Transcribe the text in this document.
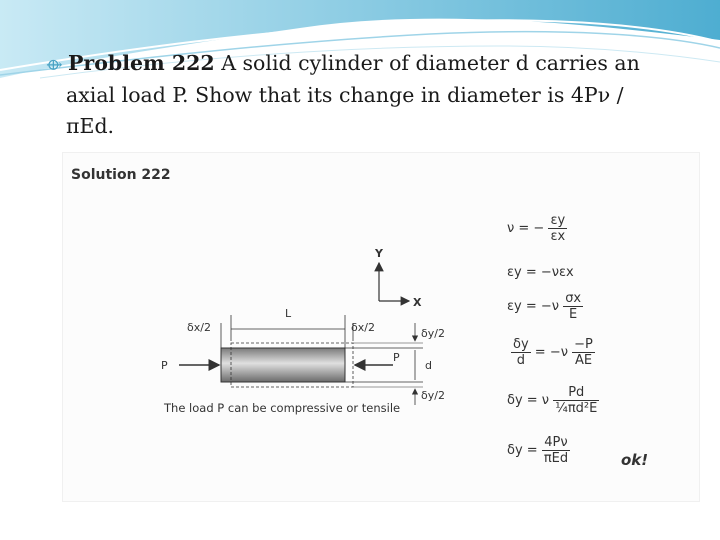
⟴ Problem 222 A solid cylinder of diameter d carries an
axial load P. Show that its change in diameter is 4Pν /
πEd.
Solution 222
Y
X
P
P
L
δx/2	δx/2	δy/2
d
δy/2
The load P can be compressive or tensile
ν = − $\frac{\varepsilon y}{\varepsilon x}$
εy = −νεx
$\varepsilon y = -\nu \frac{\sigma x}{E}$
$\frac{\delta y}{d} = -\nu \frac{-P}{AE}$
δy = ν $\frac{Pd}{\text{¼πd²E}}$
$\delta y = \frac{4P\nu}{\text{πEd}}$	ok!
